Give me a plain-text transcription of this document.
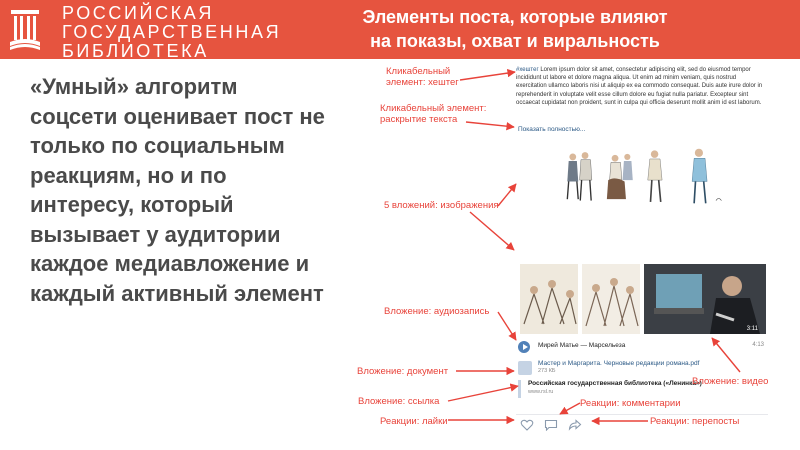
РОССИЙСКАЯ
ГОСУДАРСТВЕННАЯ
БИБЛИОТЕКА
Элементы поста, которые влияют
на показы, охват и виральность
«Умный» алгоритм соцсети оценивает пост не только по социальным реакциям, но и по интересу, который вызывает у аудитории каждое медиавложение и каждый активный элемент
#хештег Lorem ipsum dolor sit amet, consectetur adipiscing elit, sed do eiusmod tempor incididunt ut labore et dolore magna aliqua. Ut enim ad minim veniam, quis nostrud exercitation ullamco laboris nisi ut aliquip ex ea commodo consequat. Duis aute irure dolor in reprehenderit in voluptate velit esse cillum dolore eu fugiat nulla pariatur. Excepteur sint occaecat cupidatat non proident, sunt in culpa qui officia deserunt mollit anim id est laborum.
Показать полностью...
3:11
Мирей Матье — Марсельеза	4:13
Мастер и Маргарита. Черновые редакции романа.pdf
273 КБ
Российская государственная библиотека («Ленинка»)
www.rsl.ru
Кликабельный
элемент: хештег
Кликабельный элемент:
раскрытие текста
5 вложений: изображения
Вложение: аудиозапись
Вложение: документ
Вложение: ссылка
Реакции: лайки
Реакции: комментарии
Реакции: перепосты
Вложение: видео
